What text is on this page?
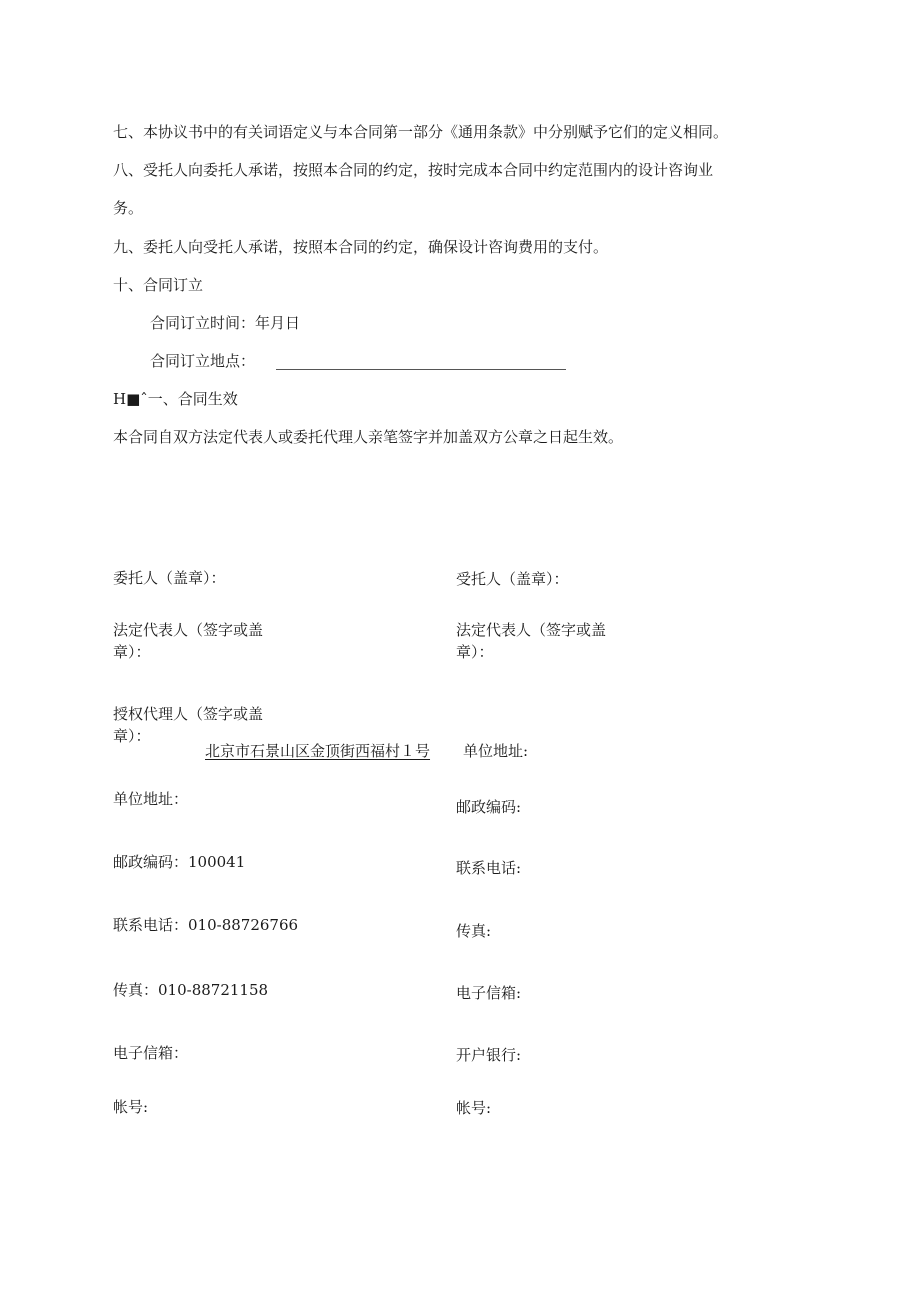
七、本协议书中的有关词语定义与本合同第一部分《通用条款》中分别赋予它们的定义相同。
八、受托人向委托人承诺，按照本合同的约定，按时完成本合同中约定范围内的设计咨询业
务。
九、委托人向受托人承诺，按照本合同的约定，确保设计咨询费用的支付。
十、合同订立
合同订立时间：年月日
合同订立地点：
H■ˆ一、合同生效
本合同自双方法定代表人或委托代理人亲笔签字并加盖双方公章之日起生效。
委托人（盖章）：
法定代表人（签字或盖
章）：
授权代理人（签字或盖
章）：
北京市石景山区金顶街西福村１号
单位地址：
邮政编码：100041
联系电话：010-88726766
传真：010-88721158
电子信箱：
帐号:
受托人（盖章）：
法定代表人（签字或盖
章）：
单位地址:
邮政编码:
联系电话:
传真:
电子信箱:
开户银行:
帐号:
